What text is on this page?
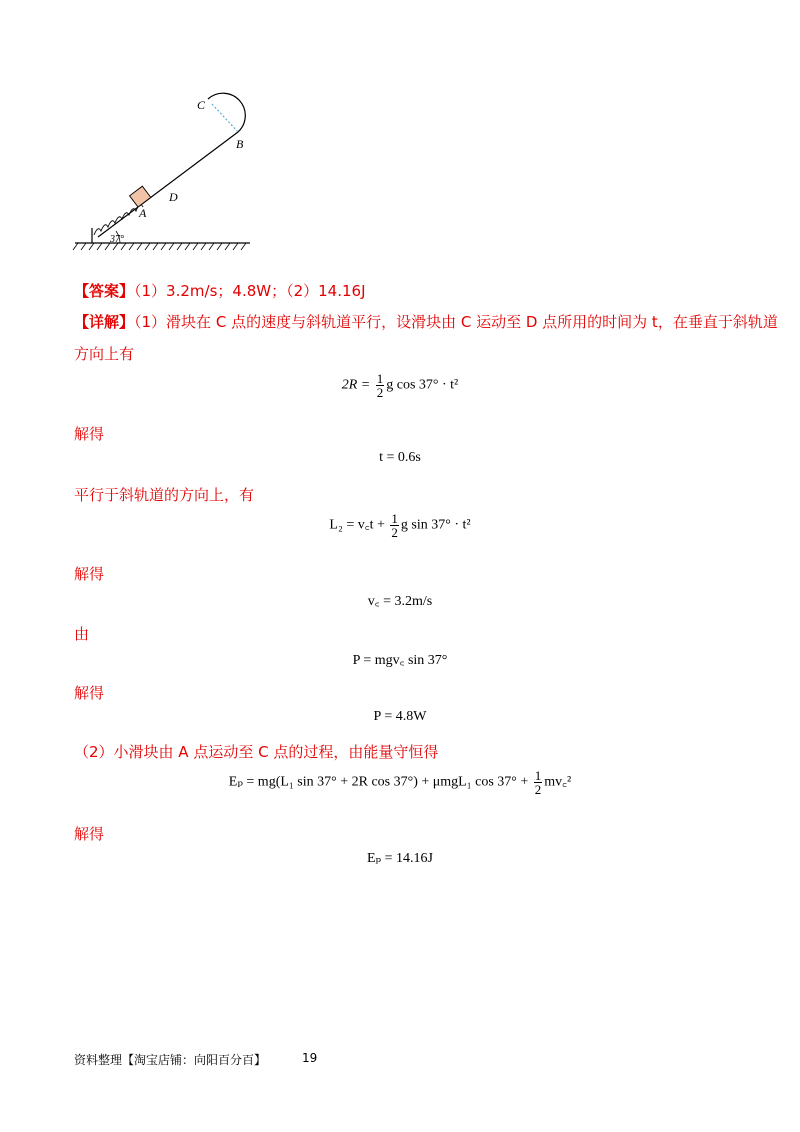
C
B
D
A
37°
【答案】（1）3.2m/s；4.8W；（2）14.16J
【详解】（1）滑块在 C 点的速度与斜轨道平行，设滑块由 C 运动至 D 点所用的时间为 t，在垂直于斜轨道
方向上有
$2R = \frac{1}{2}$ g cos 37° · t²
解得
t = 0.6s
平行于斜轨道的方向上，有
L₂ = v꜀t + $\frac{1}{2}$ g sin 37° · t²
解得
v꜀ = 3.2m/s
由
P = mgv꜀ sin 37°
解得
P = 4.8W
（2）小滑块由 A 点运动至 C 点的过程，由能量守恒得
Eₚ = mg(L₁ sin 37° + 2R cos 37°) + μmgL₁ $\cos 37^\circ + \frac{1}{2}$ mv꜀²
解得
Eₚ = 14.16J
资料整理【淘宝店铺：向阳百分百】	19
